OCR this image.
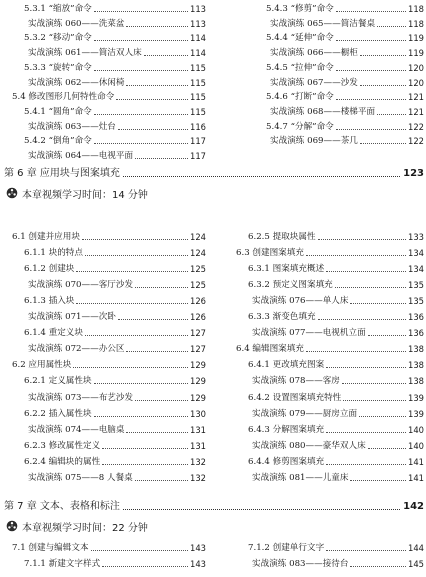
5.3.1 “缩放”命令	113
实战演练 060——洗菜盆	113
5.3.2 “移动”命令	114
实战演练 061——简洁双人床	114
5.3.3 “旋转”命令	115
实战演练 062——休闲椅	115
5.4 修改图形几何特性命令	115
5.4.1 “圆角”命令	115
实战演练 063——灶台	116
5.4.2 “倒角”命令	117
实战演练 064——电视平面	117
5.4.3 “修剪”命令	118
实战演练 065——简洁餐桌	118
5.4.4 “延伸”命令	119
实战演练 066——橱柜	119
5.4.5 “拉伸”命令	120
实战演练 067——沙发	120
5.4.6 “打断”命令	121
实战演练 068——楼梯平面	121
5.4.7 “分解”命令	122
实战演练 069——茶几	122
第 6 章 应用块与图案填充	123
本章视频学习时间：14 分钟
6.1 创建并应用块	124
6.1.1 块的特点	124
6.1.2 创建块	125
实战演练 070——客厅沙发	125
6.1.3 插入块	126
实战演练 071——次卧	126
6.1.4 重定义块	127
实战演练 072——办公区	127
6.2 应用属性块	129
6.2.1 定义属性块	129
实战演练 073——布艺沙发	129
6.2.2 插入属性块	130
实战演练 074——电脑桌	131
6.2.3 修改属性定义	131
6.2.4 编辑块的属性	132
实战演练 075——8 人餐桌	132
6.2.5 提取块属性	133
6.3 创建图案填充	134
6.3.1 图案填充概述	134
6.3.2 预定义图案填充	135
实战演练 076——单人床	135
6.3.3 渐变色填充	136
实战演练 077——电视机立面	136
6.4 编辑图案填充	138
6.4.1 更改填充图案	138
实战演练 078——客房	138
6.4.2 设置图案填充特性	139
实战演练 079——厨房立面	139
6.4.3 分解图案填充	140
实战演练 080——豪华双人床	140
6.4.4 修剪图案填充	141
实战演练 081——儿童床	141
第 7 章 文本、表格和标注	142
本章视频学习时间：22 分钟
7.1 创建与编辑文本	143
7.1.1 新建文字样式	143
7.1.2 创建单行文字	144
实战演练 083——接待台	145
